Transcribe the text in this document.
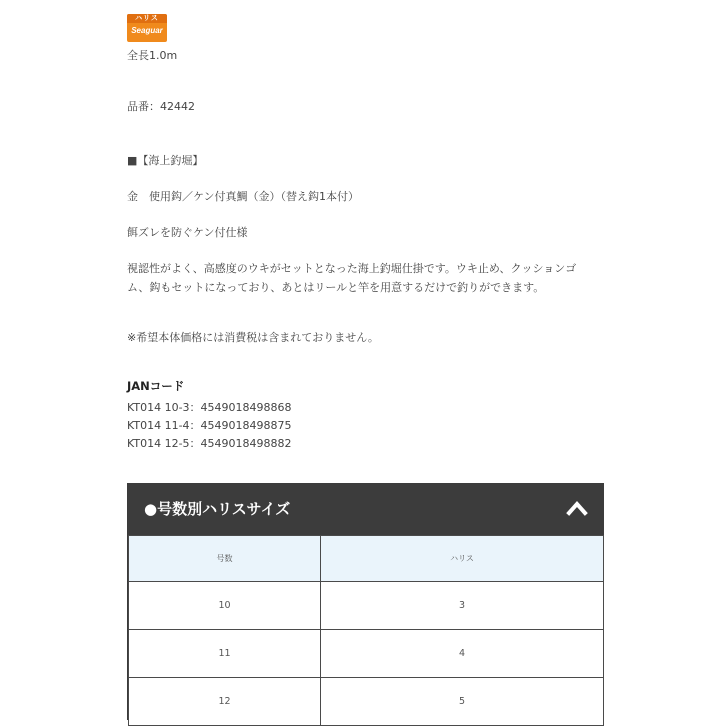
ハリス
Seaguar
全長1.0m
品番：42442
■【海上釣堀】
金　使用鈎／ケン付真鯛（金）（替え鈎1本付）
餌ズレを防ぐケン付仕様
視認性がよく、高感度のウキがセットとなった海上釣堀仕掛です。ウキ止め、クッションゴ
ム、鈎もセットになっており、あとはリールと竿を用意するだけで釣りができます。
※希望本体価格には消費税は含まれておりません。
JANコード
KT014 10-3：4549018498868
KT014 11-4：4549018498875
KT014 12-5：4549018498882
●号数別ハリスサイズ
号数	ハリス
10	3
11	4
12	5
